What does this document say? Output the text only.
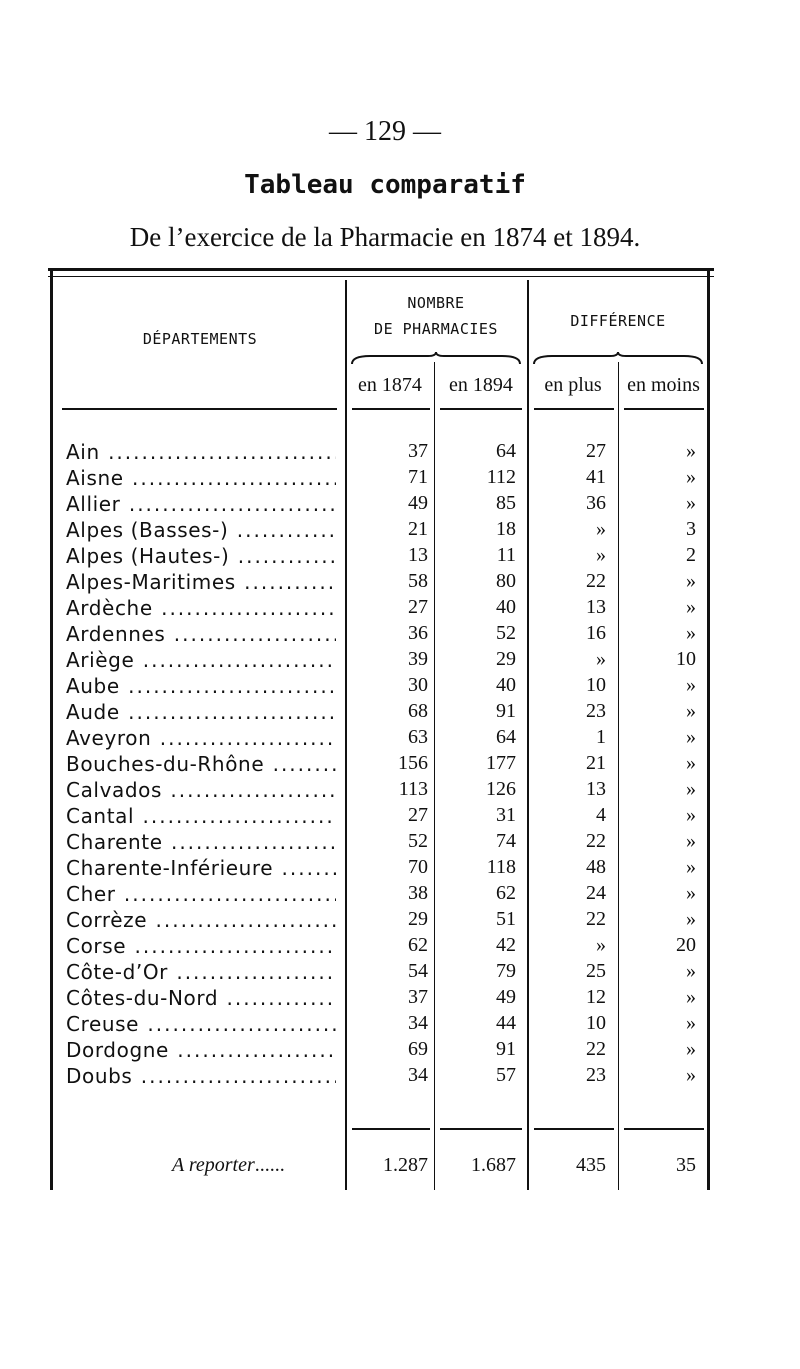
— 129 —
Tableau comparatif
De l’exercice de la Pharmacie en 1874 et 1894.
DÉPARTEMENTS
NOMBRE
DE PHARMACIES	DIFFÉRENCE
en 1874	en 1894	en plus	en moins
Ain .....	37	64	27	»
Aisne .....	71	112	41	»
Allier .....	49	85	36	»
Alpes (Basses-) .....	21	18	»	3
Alpes (Hautes-) .....	13	11	»	2
Alpes-Maritimes .....	58	80	22	»
Ardèche .....	27	40	13	»
Ardennes .....	36	52	16	»
Ariège .....	39	29	»	10
Aube .....	30	40	10	»
Aude .....	68	91	23	»
Aveyron .....	63	64	1	»
Bouches-du-Rhône .....	156	177	21	»
Calvados .....	113	126	13	»
Cantal .....	27	31	4	»
Charente .....	52	74	22	»
Charente-Inférieure .....	70	118	48	»
Cher .....	38	62	24	»
Corrèze .....	29	51	22	»
Corse .....	62	42	»	20
Côte-d’Or .....	54	79	25	»
Côtes-du-Nord .....	37	49	12	»
Creuse .....	34	44	10	»
Dordogne .....	69	91	22	»
Doubs .....	34	57	23	»
A reporter ......	1.287	1.687	435	35
